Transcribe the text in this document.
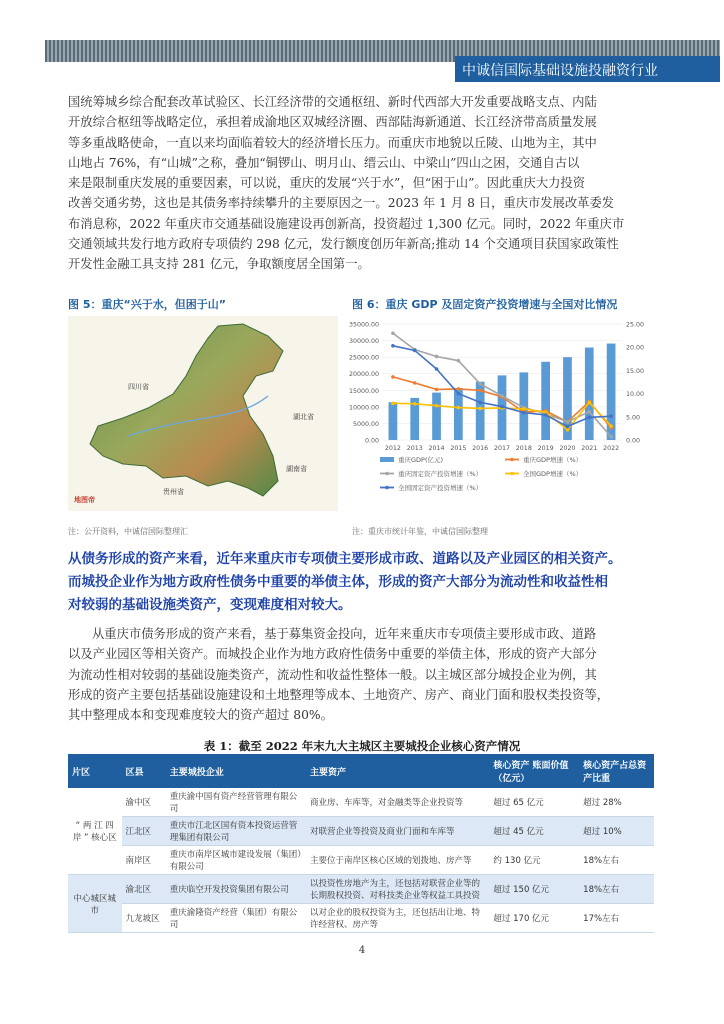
中诚信国际基础设施投融资行业

国统筹城乡综合配套改革试验区、长江经济带的交通枢纽、新时代西部大开发重要战略支点、内陆

开放综合枢纽等战略定位，承担着成渝地区双城经济圈、西部陆海新通道、长江经济带高质量发展

等多重战略使命，一直以来均面临着较大的经济增长压力。而重庆市地貌以丘陵、山地为主，其中

山地占 76%，有“山城”之称，叠加“铜锣山、明月山、缙云山、中梁山”四山之困，交通自古以

来是限制重庆发展的重要因素，可以说，重庆的发展“兴于水”，但“困于山”。因此重庆大力投资

改善交通劣势，这也是其债务率持续攀升的主要原因之一。2023 年 1 月 8 日，重庆市发展改革委发

布消息称，2022 年重庆市交通基础设施建设再创新高，投资超过 1,300 亿元。同时，2022 年重庆市

交通领域共发行地方政府专项债约 298 亿元，发行额度创历年新高;推动 14 个交通项目获国家政策性

开发性金融工具支持 281 亿元，争取额度居全国第一。

图 5：重庆“兴于水，但困于山”
四川省
湖北省
贵州省
湖南省
地图帝
注：公开资料，中诚信国际整理汇
图 6：重庆 GDP 及固定资产投资增速与全国对比情况
0.00
5000.00
10000.00
15000.00
20000.00
25000.00
30000.00
35000.00
0.00
5.00
10.00
15.00
20.00
25.00
2012 2013 2014 2015 2016 2017 2018 2019 2020 2021 2022
重庆GDP(亿元)	重庆GDP增速（%）
重庆固定资产投资增速（%）	全国GDP增速（%）
全国固定资产投资增速（%）
注：重庆市统计年鉴，中诚信国际整理
从债务形成的资产来看，近年来重庆市专项债主要形成市政、道路以及产业园区的相关资产。
而城投企业作为地方政府性债务中重要的举债主体，形成的资产大部分为流动性和收益性相
对较弱的基础设施类资产，变现难度相对较大。

从重庆市债务形成的资产来看，基于募集资金投向，近年来重庆市专项债主要形成市政、道路

以及产业园区等相关资产。而城投企业作为地方政府性债务中重要的举债主体，形成的资产大部分

为流动性相对较弱的基础设施类资产，流动性和收益性整体一般。以主城区部分城投企业为例，其

形成的资产主要包括基础设施建设和土地整理等成本、土地资产、房产、商业门面和股权类投资等，

其中整理成本和变现难度较大的资产超过 80%。

表 1：截至 2022 年末九大主城区主要城投企业核心资产情况
片区	区县	主要城投企业	主要资产	核心资产 账面价值（亿元）	核心资产占总资产比重
“ 两 江 四 岸 ” 核心区	渝中区	重庆渝中国有资产经营管理有限公司	商业房、车库等，对金融类等企业投资等	超过 65 亿元	超过 28%
	江北区	重庆市江北区国有资本投资运营管理集团有限公司	对联营企业等投资及商业门面和车库等	超过 45 亿元	超过 10%
	南岸区	重庆市南岸区城市建设发展（集团）有限公司	主要位于南岸区核心区域的划拨地、房产等	约 130 亿元	18%左右
中心城区城市	渝北区	重庆临空开发投资集团有限公司	以投资性房地产为主，还包括对联营企业等的长期股权投资、对科技类企业等权益工具投资	超过 150 亿元	18%左右
	九龙坡区	重庆渝隆资产经营（集团）有限公司	以对企业的股权投资为主，还包括出让地、特许经营权、房产等	超过 170 亿元	17%左右
4
